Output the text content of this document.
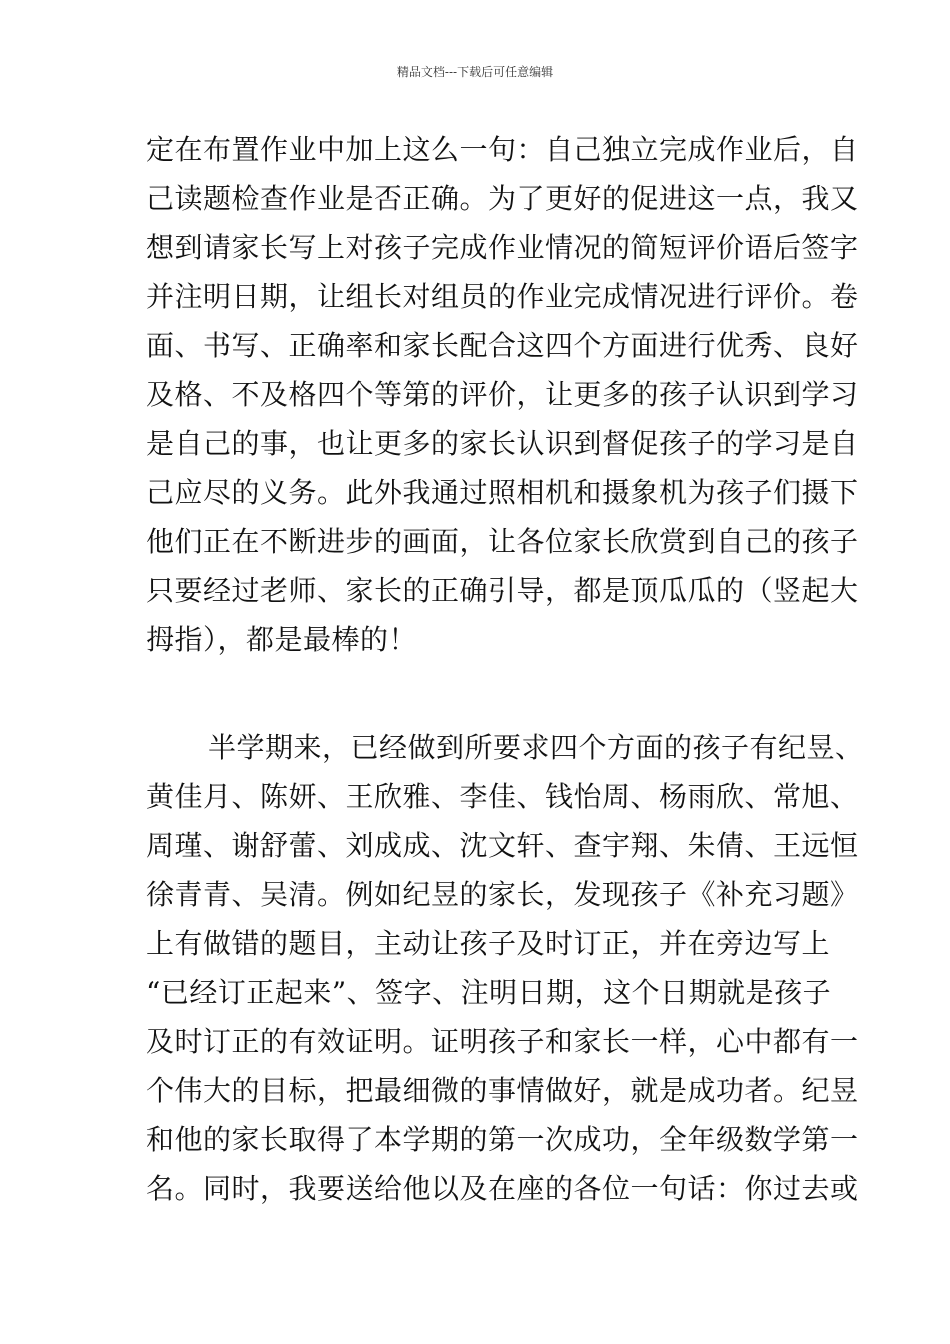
精品文档---下载后可任意编辑
定在布置作业中加上这么一句：自己独立完成作业后，自
己读题检查作业是否正确。为了更好的促进这一点，我又
想到请家长写上对孩子完成作业情况的简短评价语后签字
并注明日期，让组长对组员的作业完成情况进行评价。卷
面、书写、正确率和家长配合这四个方面进行优秀、良好
及格、不及格四个等第的评价，让更多的孩子认识到学习
是自己的事，也让更多的家长认识到督促孩子的学习是自
己应尽的义务。此外我通过照相机和摄象机为孩子们摄下
他们正在不断进步的画面，让各位家长欣赏到自己的孩子
只要经过老师、家长的正确引导，都是顶瓜瓜的（竖起大
拇指），都是最棒的！
半学期来，已经做到所要求四个方面的孩子有纪昱、
黄佳月、陈妍、王欣雅、李佳、钱怡周、杨雨欣、常旭、
周瑾、谢舒蕾、刘成成、沈文轩、查宇翔、朱倩、王远恒
徐青青、吴清。例如纪昱的家长，发现孩子《补充习题》
上有做错的题目，主动让孩子及时订正，并在旁边写上
“已经订正起来”、签字、注明日期，这个日期就是孩子
及时订正的有效证明。证明孩子和家长一样，心中都有一
个伟大的目标，把最细微的事情做好，就是成功者。纪昱
和他的家长取得了本学期的第一次成功，全年级数学第一
名。同时，我要送给他以及在座的各位一句话：你过去或
